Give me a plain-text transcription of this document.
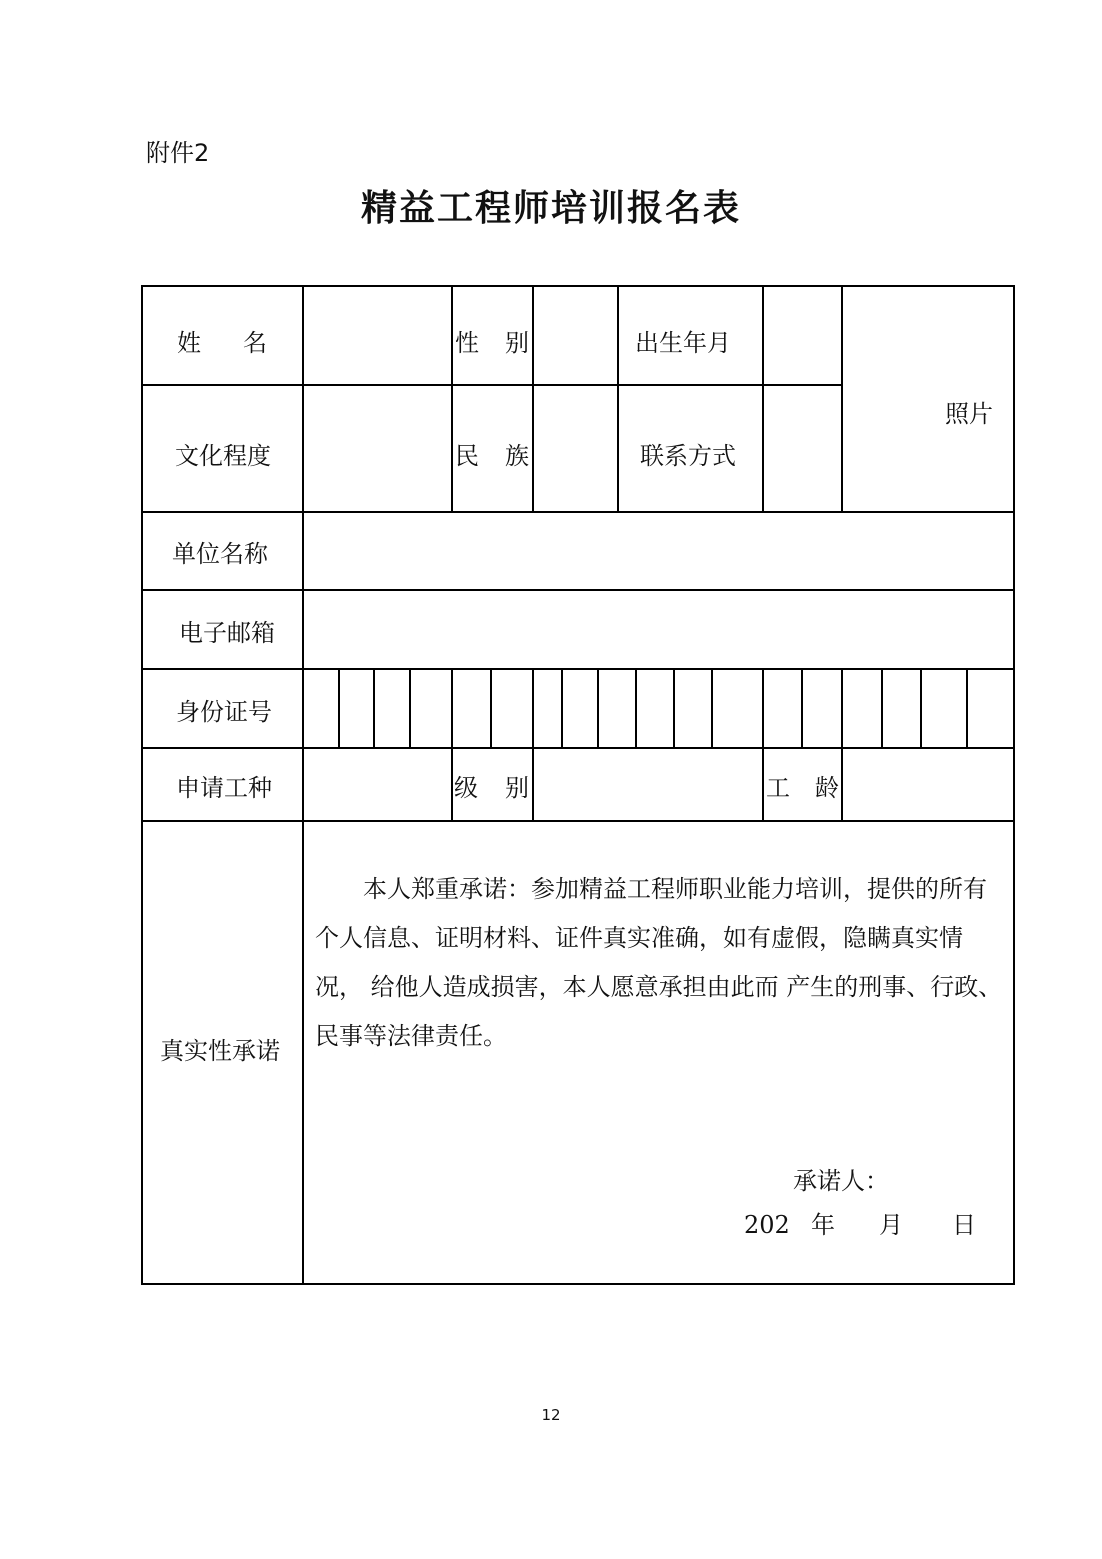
附件2
精益工程师培训报名表
姓 名	性 别	出生年月
照片
文化程度	民 族	联系方式
单位名称
电子邮箱
身份证号
申请工种	级 别	工 龄
真实性承诺

本人郑重承诺：参加精益工程师职业能力培训，提供的所有个人信息、证明材料、证件真实准确，如有虚假，隐瞒真实情况， 给他人造成损害，本人愿意承担由此而 产生的刑事、行政、民事等法律责任。

承诺人：
202 年 月 日
12
